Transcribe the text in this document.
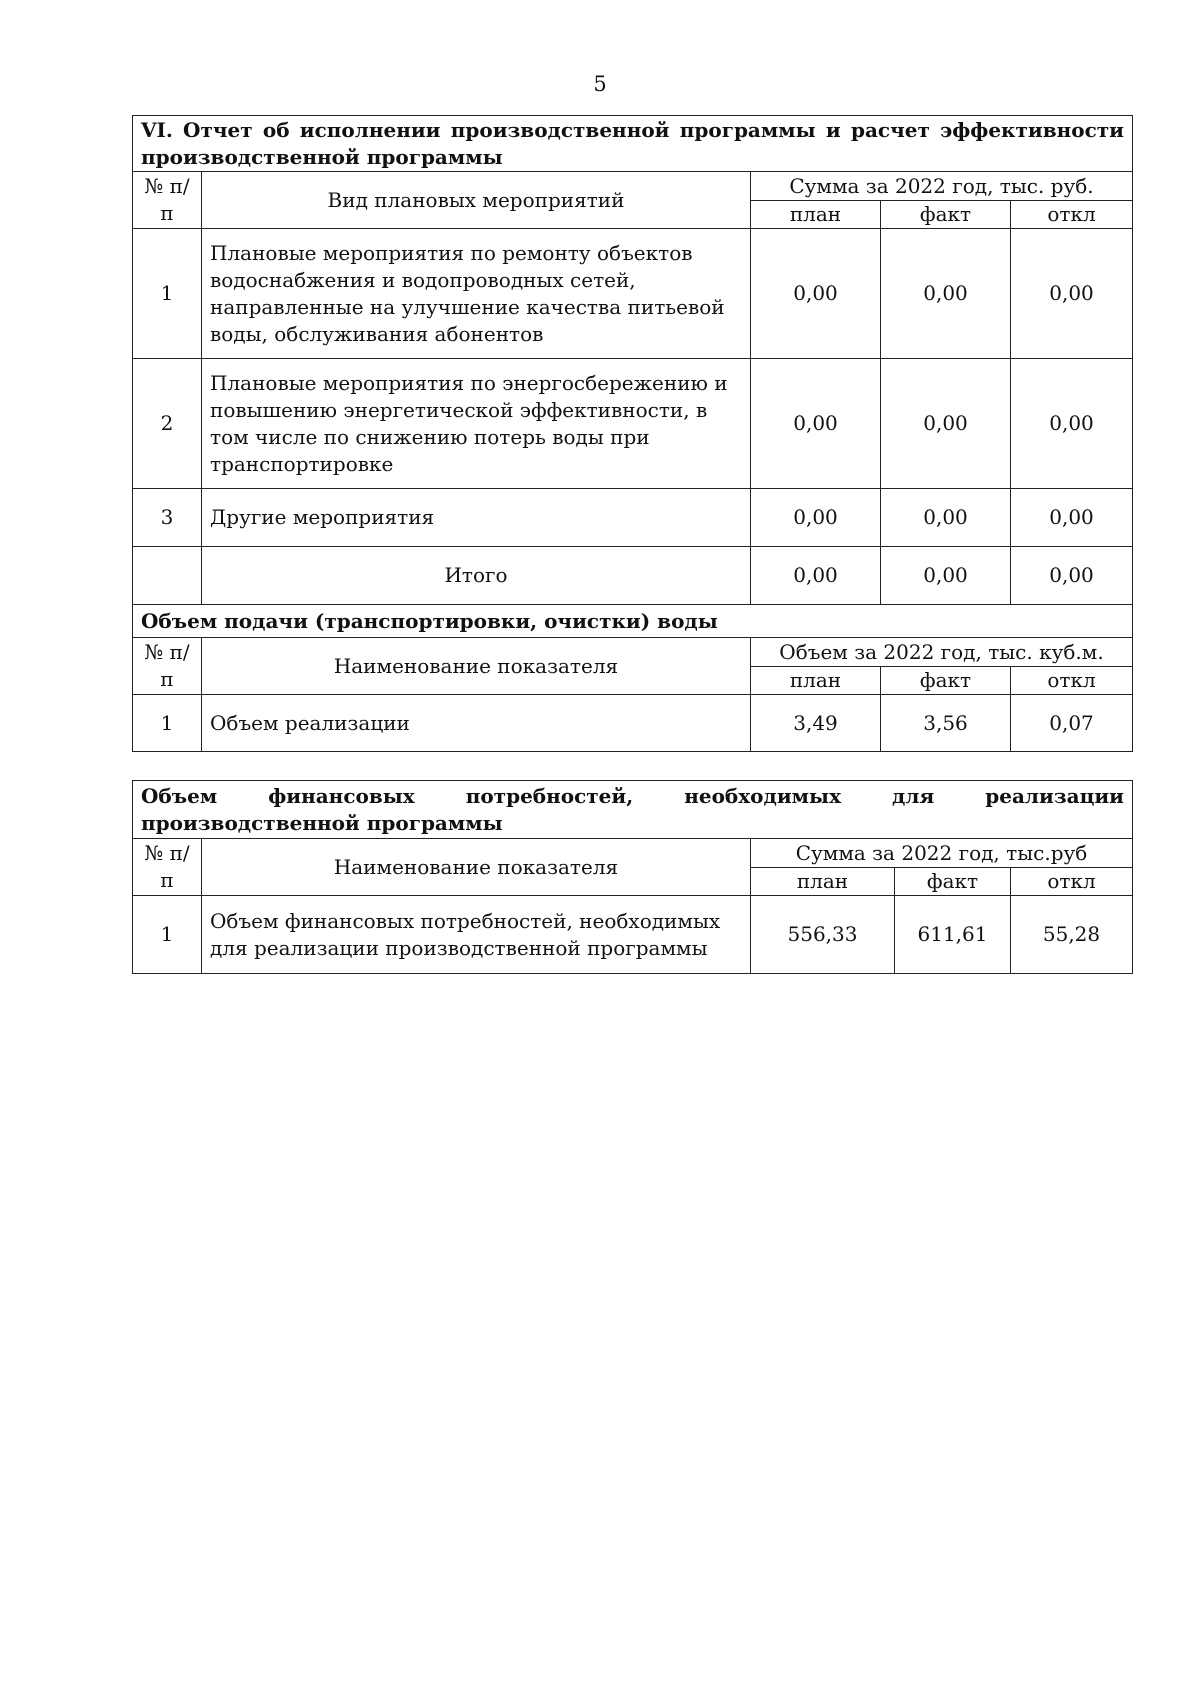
5
VI. Отчет об исполнении производственной программы и расчет эффективности производственной программы				
№ п/п	Вид плановых мероприятий	Сумма за 2022 год, тыс. руб.		
		план	факт	откл
1	Плановые мероприятия по ремонту объектов водоснабжения и водопроводных сетей, направленные на улучшение качества питьевой воды, обслуживания абонентов	0,00	0,00	0,00
2	Плановые мероприятия по энергосбережению и повышению энергетической эффективности, в том числе по снижению потерь воды при транспортировке	0,00	0,00	0,00
3	Другие мероприятия	0,00	0,00	0,00
	Итого	0,00	0,00	0,00
Объем подачи (транспортировки, очистки) воды				
№ п/п	Наименование показателя	Объем за 2022 год, тыс. куб.м.		
		план	факт	откл
1	Объем реализации	3,49	3,56	0,07
Объем финансовых потребностей, необходимых для реализации производственной программы				
№ п/п	Наименование показателя	Сумма за 2022 год, тыс.руб		
		план	факт	откл
1	Объем финансовых потребностей, необходимых для реализации производственной программы	556,33	611,61	55,28
